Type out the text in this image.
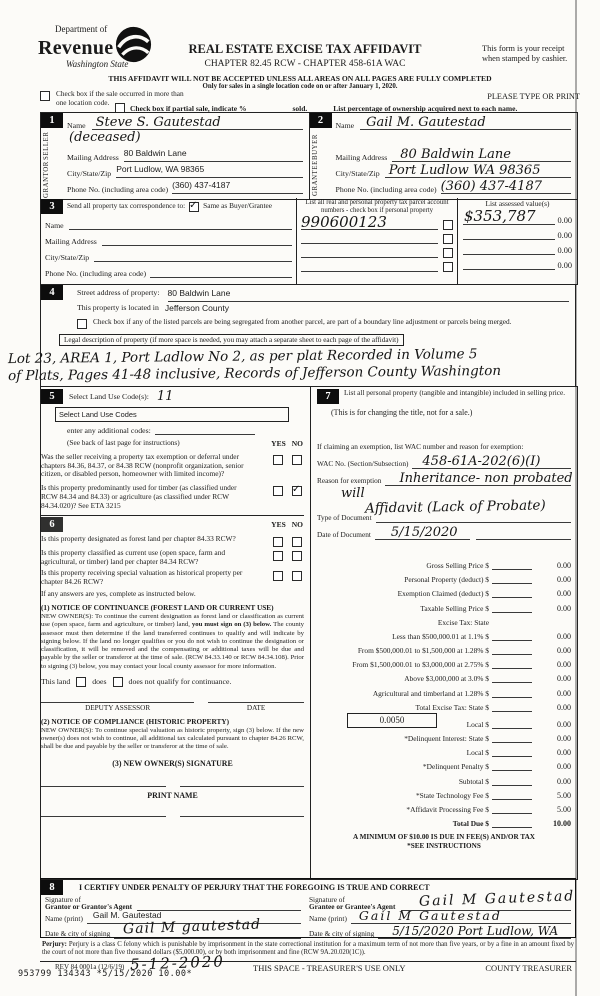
Department of
Revenue
Washington State
REAL ESTATE EXCISE TAX AFFIDAVIT
CHAPTER 82.45 RCW - CHAPTER 458-61A WAC
This form is your receipt when stamped by cashier.
THIS AFFIDAVIT WILL NOT BE ACCEPTED UNLESS ALL AREAS ON ALL PAGES ARE FULLY COMPLETED
Only for sales in a single location code on or after January 1, 2020.
PLEASE TYPE OR PRINT
Check box if the sale occurred in more than one location code.
Check box if partial sale, indicate %	sold.	List percentage of ownership acquired next to each name.
1
GRANTOR
SELLER
Name Steve S. Gautestad
(deceased)
Mailing Address 80 Baldwin Lane
City/State/Zip Port Ludlow, WA 98365
Phone No. (including area code) (360) 437-4187
2
GRANTEE
BUYER
Name Gail M. Gautestad
Mailing Address	80 Baldwin Lane
City/State/Zip Port Ludlow WA 98365
Phone No. (including area code) (360) 437-4187
3	Send all property tax correspondence to: ✓ Same as Buyer/Grantee
Name
Mailing Address
City/State/Zip
Phone No. (including area code)
List all real and personal property tax parcel account numbers - check box if personal property
990600123
List assessed value(s)
$353,787	0.00
0.00
0.00
0.00
4	Street address of property: 80 Baldwin Lane
This property is located in Jefferson County
Check box if any of the listed parcels are being segregated from another parcel, are part of a boundary line adjustment or parcels being merged.
Legal description of property (if more space is needed, you may attach a separate sheet to each page of the affidavit)
Lot 23, AREA 1, Port Ladlow No 2, as per plat Recorded in Volume 5
of Plats, Pages 41-48 inclusive, Records of Jefferson County Washington
5	Select Land Use Code(s): 11
Select Land Use Codes
enter any additional codes:
(See back of last page for instructions)	YES NO
Was the seller receiving a property tax exemption or deferral under chapters 84.36, 84.37, or 84.38 RCW (nonprofit organization, senior citizen, or disabled person, homeowner with limited income)?
Is this property predominantly used for timber (as classified under RCW 84.34 and 84.33) or agriculture (as classified under RCW 84.34.020)? See ETA 3215
✓
6	YES NO
Is this property designated as forest land per chapter 84.33 RCW?
Is this property classified as current use (open space, farm and agricultural, or timber) land per chapter 84.34 RCW?
Is this property receiving special valuation as historical property per chapter 84.26 RCW?
If any answers are yes, complete as instructed below.
(1) NOTICE OF CONTINUANCE (FOREST LAND OR CURRENT USE)
NEW OWNER(S): To continue the current designation as forest land or classification as current use (open space, farm and agriculture, or timber) land, you must sign on (3) below. The county assessor must then determine if the land transferred continues to qualify and will indicate by signing below. If the land no longer qualifies or you do not wish to continue the designation or classification, it will be removed and the compensating or additional taxes will be due and payable by the seller or transferor at the time of sale. (RCW 84.33.140 or RCW 84.34.108). Prior to signing (3) below, you may contact your local county assessor for more information.
This land	does	does not qualify for continuance.
DEPUTY ASSESSOR	DATE
(2) NOTICE OF COMPLIANCE (HISTORIC PROPERTY)
NEW OWNER(S): To continue special valuation as historic property, sign (3) below. If the new owner(s) does not wish to continue, all additional tax calculated pursuant to chapter 84.26 RCW, shall be due and payable by the seller or transferor at the time of sale.
(3) NEW OWNER(S) SIGNATURE
PRINT NAME
7	List all personal property (tangible and intangible) included in selling price.
(This is for changing the title, not for a sale.)
If claiming an exemption, list WAC number and reason for exemption:
WAC No. (Section/Subsection)	458-61A-202(6)(I)
Reason for exemption	Inheritance- non probated
will
Type of Document
Affidavit (Lack of Probate)
Date of Document	5/15/2020
Gross Selling Price $	0.00
Personal Property (deduct) $	0.00
Exemption Claimed (deduct) $	0.00
Taxable Selling Price $	0.00
Excise Tax: State
Less than $500,000.01 at 1.1% $	0.00
From $500,000.01 to $1,500,000 at 1.28% $	0.00
From $1,500,000.01 to $3,000,000 at 2.75% $	0.00
Above $3,000,000 at 3.0% $	0.00
Agricultural and timberland at 1.28% $	0.00
Total Excise Tax: State $	0.00
0.0050	Local $	0.00
*Delinquent Interest: State $	0.00
Local $	0.00
*Delinquent Penalty $	0.00
Subtotal $	0.00
*State Technology Fee $	5.00
*Affidavit Processing Fee $	5.00
Total Due $	10.00
A MINIMUM OF $10.00 IS DUE IN FEE(S) AND/OR TAX
*SEE INSTRUCTIONS
8	I CERTIFY UNDER PENALTY OF PERJURY THAT THE FOREGOING IS TRUE AND CORRECT
Signature of
Grantor or Grantor's Agent
Name (print)	Gail M. Gautestad
Date & city of signing Gail M gautestad
Signature of
Grantee or Grantee's Agent	Gail M Gautestad
Name (print) Gail M Gautestad
Date & city of signing	5/15/2020 Port Ludlow, WA
Perjury: Perjury is a class C felony which is punishable by imprisonment in the state correctional institution for a maximum term of not more than five years, or by a fine in an amount fixed by the court of not more than five thousand dollars ($5,000.00), or by both imprisonment and fine (RCW 9A.20.020(1C)).
REV 84 0001a (12/6/19) 5-12-2020
953799 134343 *5/15/2020 10.00*
THIS SPACE - TREASURER'S USE ONLY	COUNTY TREASURER
